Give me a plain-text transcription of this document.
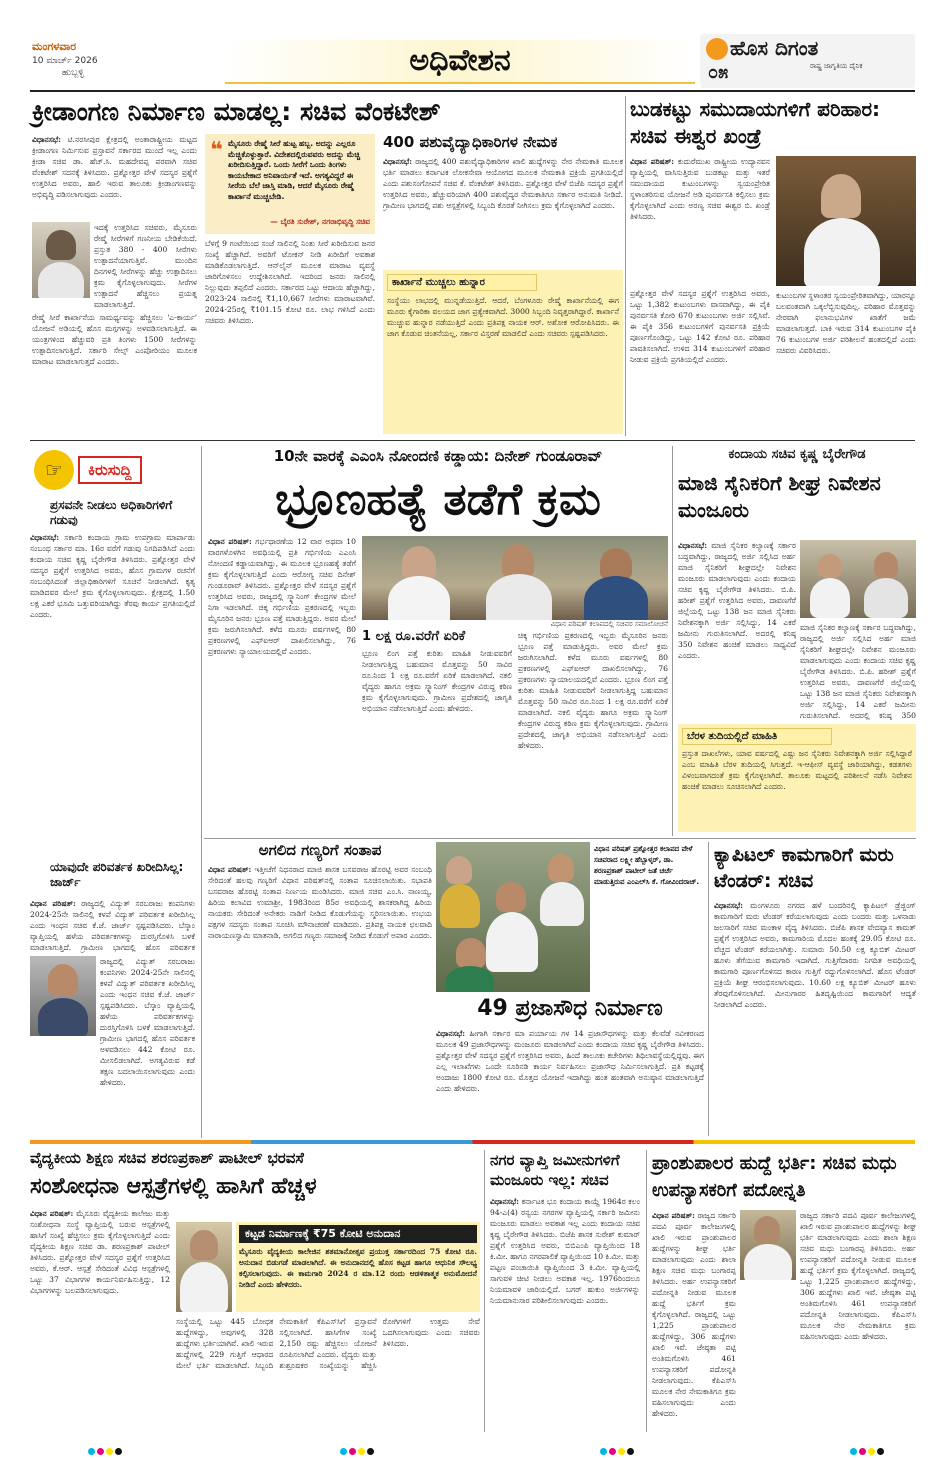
ಮಂಗಳವಾರ
10 ಮಾರ್ಚ್ 2026
ಹುಬ್ಬಳ್ಳಿ	ಅಧಿವೇಶನ	ಹೊಸ ದಿಗಂತ
ರಾಷ್ಟ್ರ ಜಾಗೃತಿಯ ದೈನಿಕ
೦೫
ಕ್ರೀಡಾಂಗಣ ನಿರ್ಮಾಣ ಮಾಡಲ್ಲ: ಸಚಿವ ವೆಂಕಟೇಶ್
ವಿಧಾನಸಭೆ: ಟಿ.ನರಸೀಪುರ ಕ್ಷೇತ್ರದಲ್ಲಿ ಅಂತಾರಾಷ್ಟ್ರೀಯ ಮಟ್ಟದ ಕ್ರೀಡಾಂಗಣ ನಿರ್ಮಿಸುವ ಪ್ರಸ್ತಾವನೆ ಸರ್ಕಾರದ ಮುಂದೆ ಇಲ್ಲ ಎಂದು ಕ್ರೀಡಾ ಸಚಿವ ಡಾ. ಹೆಚ್.ಸಿ. ಮಹದೇವಪ್ಪ ಪರವಾಗಿ ಸಚಿವ ವೆಂಕಟೇಶ್ ಸದನಕ್ಕೆ ತಿಳಿಸಿದರು. ಪ್ರಶ್ನೋತ್ತರ ವೇಳೆ ಸದಸ್ಯರ ಪ್ರಶ್ನೆಗೆ ಉತ್ತರಿಸಿದ ಅವರು, ಹಾಲಿ ಇರುವ ತಾಲೂಕು ಕ್ರೀಡಾಂಗಣವನ್ನು ಅಭಿವೃದ್ಧಿ ಪಡಿಸಲಾಗುವುದು ಎಂದರು.
ಇದಕ್ಕೆ ಉತ್ತರಿಸಿದ ಸಚಿವರು, ಮೈಸೂರು ರೇಷ್ಮೆ ಸೀರೆಗಳಿಗೆ ಗಣನೀಯ ಬೇಡಿಕೆಯಿದೆ. ಪ್ರಸ್ತುತ 380 - 400 ಸೀರೆಗಳು ಉತ್ಪಾದನೆಯಾಗುತ್ತಿವೆ. ಮುಂದಿನ ದಿನಗಳಲ್ಲಿ ಸೀರೆಗಳನ್ನು ಹೆಚ್ಚು ಉತ್ಪಾದಿಸಲು ಕ್ರಮ ಕೈಗೊಳ್ಳಲಾಗುವುದು. ಸೀರೆಗಳ ಉತ್ಪಾದನೆ ಹೆಚ್ಚಿಸಲು ಪ್ರಯತ್ನ ಮಾಡಲಾಗುತ್ತಿದೆ.
ರೇಷ್ಮೆ ಸೀರೆ ಕಾರ್ಖಾನೆಯ ಸಾಮರ್ಥ್ಯವನ್ನು ಹೆಚ್ಚಿಸಲು 'ಎ-ಕಾರ್ಯ' ಯೋಜನೆ ಅಡಿಯಲ್ಲಿ ಹೊಸ ಮಗ್ಗಗಳನ್ನು ಅಳವಡಿಸಲಾಗುತ್ತಿದೆ. ಈ ಯಂತ್ರಗಳಿಂದ ಹೆಚ್ಚುವರಿ ಪ್ರತಿ ತಿಂಗಳು 1500 ಸೀರೆಗಳನ್ನು ಉತ್ಪಾದಿಸಲಾಗುತ್ತಿದೆ. ಸರ್ಕಾರಿ ಸೇಲ್ಸ್ ಎಂಪೋರಿಯಂ ಮೂಲಕ ಮಾರಾಟ ಮಾಡಲಾಗುತ್ತದೆ ಎಂದರು.
❝ ಮೈಸೂರು ರೇಷ್ಮೆ ಸೀರೆ ಹುಟ್ಟ ಹಬ್ಬ. ಅದನ್ನು ಎಲ್ಲರೂ ಮೆಚ್ಚಿಕೊಳ್ಳುತ್ತಾರೆ. ವಿದೇಶದಲ್ಲಿರುವವರು ಅದನ್ನು ಮೆಚ್ಚಿ ಖರೀದಿಸುತ್ತಿದ್ದಾರೆ. ಒಂದು ಸೀರೆಗೆ ಒಂದು ತಿಂಗಳು ಕಾಯಬೇಕಾದ ಅನಿವಾರ್ಯತೆ ಇದೆ. ಅಗತ್ಯವಿದ್ದರೆ ಈ ಸೀರೆಯ ಬೆಲೆ ಜಾಸ್ತಿ ಮಾಡಿ, ಆದರೆ ಮೈಸೂರು ರೇಷ್ಮೆ ಕಾರ್ಖಾನೆ ಮುಚ್ಚಬೇಡಿ.
— ಬೈರತಿ ಸುರೇಶ್, ನಗರಾಭಿವೃದ್ಧಿ ಸಚಿವ
ಬೆಳಗ್ಗೆ 9 ಗಂಟೆಯಿಂದ ಸಂಜೆ ಸಾಲಿನಲ್ಲಿ ನಿಂತು ಸೀರೆ ಖರೀದಿಸುವ ಜನರ ಸಂಖ್ಯೆ ಹೆಚ್ಚಾಗಿದೆ. ಅವರಿಗೆ ಟೋಕನ್ ನೀಡಿ ಖರೀದಿಗೆ ಅವಕಾಶ ಮಾಡಿಕೊಡಲಾಗುತ್ತಿದೆ. ಆನ್‌ಲೈನ್ ಮೂಲಕ ಮಾರಾಟ ವ್ಯವಸ್ಥೆ ಜಾರಿಗೊಳಿಸಲು ಉದ್ದೇಶಿಸಲಾಗಿದೆ. ಇದರಿಂದ ಜನರು ಸಾಲಿನಲ್ಲಿ ನಿಲ್ಲುವುದು ತಪ್ಪಲಿದೆ ಎಂದರು. ಸರ್ಕಾರದ ಒಟ್ಟು ಆದಾಯ ಹೆಚ್ಚಾಗಿದ್ದು, 2023-24 ಸಾಲಿನಲ್ಲಿ ₹1,10,667 ಸೀರೆಗಳು ಮಾರಾಟವಾಗಿವೆ. 2024-25ರಲ್ಲಿ ₹101.15 ಕೋಟಿ ರೂ. ಲಾಭ ಗಳಿಸಿದೆ ಎಂದು ಸಚಿವರು ತಿಳಿಸಿದರು.
400 ಪಶುವೈದ್ಯಾಧಿಕಾರಿಗಳ ನೇಮಕ
ವಿಧಾನಸಭೆ: ರಾಜ್ಯದಲ್ಲಿ 400 ಪಶುವೈದ್ಯಾಧಿಕಾರಿಗಳ ಖಾಲಿ ಹುದ್ದೆಗಳನ್ನು ನೇರ ನೇಮಕಾತಿ ಮೂಲಕ ಭರ್ತಿ ಮಾಡಲು ಕರ್ನಾಟಕ ಲೋಕಸೇವಾ ಆಯೋಗದ ಮೂಲಕ ನೇಮಕಾತಿ ಪ್ರಕ್ರಿಯೆ ಪ್ರಗತಿಯಲ್ಲಿದೆ ಎಂದು ಪಶುಸಂಗೋಪನೆ ಸಚಿವ ಕೆ. ವೆಂಕಟೇಶ್ ತಿಳಿಸಿದರು. ಪ್ರಶ್ನೋತ್ತರ ವೇಳೆ ಬಿಜೆಪಿ ಸದಸ್ಯರ ಪ್ರಶ್ನೆಗೆ ಉತ್ತರಿಸಿದ ಅವರು, ಹೆಚ್ಚುವರಿಯಾಗಿ 400 ಪಶುವೈದ್ಯರ ನೇಮಕಾತಿಗೂ ಸರ್ಕಾರ ಅನುಮತಿ ನೀಡಿದೆ. ಗ್ರಾಮೀಣ ಭಾಗದಲ್ಲಿ ಪಶು ಆಸ್ಪತ್ರೆಗಳಲ್ಲಿ ಸಿಬ್ಬಂದಿ ಕೊರತೆ ನೀಗಿಸಲು ಕ್ರಮ ಕೈಗೊಳ್ಳಲಾಗಿದೆ ಎಂದರು.
ಕಾರ್ಖಾನೆ ಮುಚ್ಚಲು ಹುನ್ನಾರ
ಸಂಸ್ಥೆಯು ಲಾಭದಲ್ಲಿ ಮುನ್ನಡೆಯುತ್ತಿದೆ. ಆದರೆ, ಬೆಂಗಳೂರು ರೇಷ್ಮೆ ಕಾರ್ಖಾನೆಯಲ್ಲಿ ಈಗ ಮೂರು ಕೈಗಾರಿಕಾ ವಲಯದ ಜಾಗ ಪ್ರತ್ಯೇಕವಾಗಿದೆ. 3000 ಸಿಬ್ಬಂದಿ ನಿವೃತ್ತರಾಗಿದ್ದಾರೆ. ಕಾರ್ಖಾನೆ ಮುಚ್ಚುವ ಹುನ್ನಾರ ನಡೆಯುತ್ತಿದೆ ಎಂದು ಪ್ರತಿಪಕ್ಷ ನಾಯಕ ಆರ್. ಅಶೋಕ ಆರೋಪಿಸಿದರು. ಈ ಜಾಗ ಕೊಡುವ ಚಿಂತನೆಯಲ್ಲ, ಸರ್ಕಾರ ವಿಸ್ತರಣೆ ಮಾಡಲಿದೆ ಎಂದು ಸಚಿವರು ಸ್ಪಷ್ಟಪಡಿಸಿದರು.
ಬುಡಕಟ್ಟು ಸಮುದಾಯಗಳಿಗೆ ಪರಿಹಾರ: ಸಚಿವ ಈಶ್ವರ ಖಂಡ್ರೆ
ವಿಧಾನ ಪರಿಷತ್: ಕುದುರೆಮುಖ ರಾಷ್ಟ್ರೀಯ ಉದ್ಯಾನವನ ವ್ಯಾಪ್ತಿಯಲ್ಲಿ ವಾಸಿಸುತ್ತಿರುವ ಬುಡಕಟ್ಟು ಮತ್ತು ಇತರೆ ಸಮುದಾಯದ ಕುಟುಂಬಗಳನ್ನು ಸ್ವಯಂಪ್ರೇರಿತ ಸ್ಥಳಾಂತರಿಸುವ ಯೋಜನೆ ಅಡಿ ಪುನರ್ವಸತಿ ಕಲ್ಪಿಸಲು ಕ್ರಮ ಕೈಗೊಳ್ಳಲಾಗಿದೆ ಎಂದು ಅರಣ್ಯ ಸಚಿವ ಈಶ್ವರ ಬಿ. ಖಂಡ್ರೆ ತಿಳಿಸಿದರು.
ಪ್ರಶ್ನೋತ್ತರ ವೇಳೆ ಸದಸ್ಯರ ಪ್ರಶ್ನೆಗೆ ಉತ್ತರಿಸಿದ ಅವರು, ಒಟ್ಟು 1,382 ಕುಟುಂಬಗಳು ವಾಸವಾಗಿದ್ದು, ಈ ಪೈಕಿ ಪುನರ್ವಸತಿ ಕೋರಿ 670 ಕುಟುಂಬಗಳು ಅರ್ಜಿ ಸಲ್ಲಿಸಿವೆ. ಈ ಪೈಕಿ 356 ಕುಟುಂಬಗಳಿಗೆ ಪುನರ್ವಸತಿ ಪ್ರಕ್ರಿಯೆ ಪೂರ್ಣಗೊಂಡಿದ್ದು, ಒಟ್ಟು 142 ಕೋಟಿ ರೂ. ಪರಿಹಾರ ಪಾವತಿಸಲಾಗಿದೆ. ಉಳಿದ 314 ಕುಟುಂಬಗಳಿಗೆ ಪರಿಹಾರ ನೀಡುವ ಪ್ರಕ್ರಿಯೆ ಪ್ರಗತಿಯಲ್ಲಿದೆ ಎಂದರು.
ಕುಟುಂಬಗಳ ಸ್ಥಳಾಂತರ ಸ್ವಯಂಪ್ರೇರಿತವಾಗಿದ್ದು, ಯಾರನ್ನೂ ಬಲವಂತವಾಗಿ ಒಕ್ಕಲೆಬ್ಬಿಸುವುದಿಲ್ಲ. ಪರಿಹಾರ ಮೊತ್ತವನ್ನು ನೇರವಾಗಿ ಫಲಾನುಭವಿಗಳ ಖಾತೆಗೆ ಜಮೆ ಮಾಡಲಾಗುತ್ತದೆ. ಬಾಕಿ ಇರುವ 314 ಕುಟುಂಬಗಳ ಪೈಕಿ 76 ಕುಟುಂಬಗಳ ಅರ್ಜಿ ಪರಿಶೀಲನೆ ಹಂತದಲ್ಲಿದೆ ಎಂದು ಸಚಿವರು ವಿವರಿಸಿದರು.
☞	ಕಿರುಸುದ್ದಿ
ಪ್ರಸವನೇ ನೀಡಲು ಅಧಿಕಾರಿಗಳಿಗೆ ಗಡುವು
ವಿಧಾನಸಭೆ: ಸರ್ಕಾರಿ ಕಂದಾಯ ಗ್ರಾಮ ಉಪಗ್ರಾಮ ಮಾರ್ಪಾಡು ಸಂಬಂಧ ಸರ್ಕಾರ ಮಾ. 16ರ ವರೆಗೆ ಗಡುವು ನಿಗದಿಪಡಿಸಿದೆ ಎಂದು ಕಂದಾಯ ಸಚಿವ ಕೃಷ್ಣ ಬೈರೇಗೌಡ ತಿಳಿಸಿದರು. ಪ್ರಶ್ನೋತ್ತರ ವೇಳೆ ಸದಸ್ಯರ ಪ್ರಶ್ನೆಗೆ ಉತ್ತರಿಸಿದ ಅವರು, ಹೊಸ ಗ್ರಾಮಗಳ ರಚನೆಗೆ ಸಂಬಂಧಿಸಿದಂತೆ ಜಿಲ್ಲಾಧಿಕಾರಿಗಳಿಗೆ ಸೂಚನೆ ನೀಡಲಾಗಿದೆ. ಕೃತ್ಯ ಮಾಡಿದವರ ಮೇಲೆ ಕ್ರಮ ಕೈಗೊಳ್ಳಲಾಗುವುದು. ಕ್ಷೇತ್ರದಲ್ಲಿ 1.50 ಲಕ್ಷ ಎಕರೆ ಭೂಮಿ ಒತ್ತುವರಿಯಾಗಿದ್ದು ತೆರವು ಕಾರ್ಯ ಪ್ರಗತಿಯಲ್ಲಿದೆ ಎಂದರು.
ಯಾವುದೇ ಪರಿವರ್ತಕ ಖರೀದಿಸಿಲ್ಲ: ಜಾರ್ಜ್
ವಿಧಾನ ಪರಿಷತ್: ರಾಜ್ಯದಲ್ಲಿ ವಿದ್ಯುತ್ ಸರಬರಾಜು ಕಂಪನಿಗಳು 2024-25ನೇ ಸಾಲಿನಲ್ಲಿ ಕಳಪೆ ವಿದ್ಯುತ್ ಪರಿವರ್ತಕ ಖರೀದಿಸಿಲ್ಲ ಎಂದು ಇಂಧನ ಸಚಿವ ಕೆ.ಜೆ. ಜಾರ್ಜ್ ಸ್ಪಷ್ಟಪಡಿಸಿದರು. ಬೆಸ್ಕಾಂ ವ್ಯಾಪ್ತಿಯಲ್ಲಿ ಹಳೆಯ ಪರಿವರ್ತಕಗಳನ್ನು ದುರಸ್ತಿಗೊಳಿಸಿ ಬಳಕೆ ಮಾಡಲಾಗುತ್ತಿದೆ. ಗ್ರಾಮೀಣ ಭಾಗದಲ್ಲಿ ಹೊಸ ಪರಿವರ್ತಕ
ರಾಜ್ಯದಲ್ಲಿ ವಿದ್ಯುತ್ ಸರಬರಾಜು ಕಂಪನಿಗಳು 2024-25ನೇ ಸಾಲಿನಲ್ಲಿ ಕಳಪೆ ವಿದ್ಯುತ್ ಪರಿವರ್ತಕ ಖರೀದಿಸಿಲ್ಲ ಎಂದು ಇಂಧನ ಸಚಿವ ಕೆ.ಜೆ. ಜಾರ್ಜ್ ಸ್ಪಷ್ಟಪಡಿಸಿದರು. ಬೆಸ್ಕಾಂ ವ್ಯಾಪ್ತಿಯಲ್ಲಿ ಹಳೆಯ ಪರಿವರ್ತಕಗಳನ್ನು ದುರಸ್ತಿಗೊಳಿಸಿ ಬಳಕೆ ಮಾಡಲಾಗುತ್ತಿದೆ. ಗ್ರಾಮೀಣ ಭಾಗದಲ್ಲಿ ಹೊಸ ಪರಿವರ್ತಕ ಅಳವಡಿಸಲು 442 ಕೋಟಿ ರೂ. ಮೀಸಲಿಡಲಾಗಿದೆ. ಅಗತ್ಯವಿರುವ ಕಡೆ ತಕ್ಷಣ ಬದಲಾಯಿಸಲಾಗುವುದು ಎಂದು ಹೇಳಿದರು.
10ನೇ ವಾರಕ್ಕೆ ಎಎಂಸಿ ನೋಂದಣಿ ಕಡ್ಡಾಯ: ದಿನೇಶ್ ಗುಂಡೂರಾವ್
ಭ್ರೂಣಹತ್ಯೆ ತಡೆಗೆ ಕ್ರಮ
ವಿಧಾನ ಪರಿಷತ್: ಗರ್ಭಧಾರಣೆಯ 12 ವಾರ ಅಥವಾ 10 ವಾರಗಳೊಳಗಿನ ಅವಧಿಯಲ್ಲಿ ಪ್ರತಿ ಗರ್ಭಿಣಿಯ ಎಎಂಸಿ ನೋಂದಣಿ ಕಡ್ಡಾಯವಾಗಿದ್ದು, ಈ ಮೂಲಕ ಭ್ರೂಣಹತ್ಯೆ ತಡೆಗೆ ಕ್ರಮ ಕೈಗೊಳ್ಳಲಾಗುತ್ತಿದೆ ಎಂದು ಆರೋಗ್ಯ ಸಚಿವ ದಿನೇಶ್ ಗುಂಡೂರಾವ್ ತಿಳಿಸಿದರು. ಪ್ರಶ್ನೋತ್ತರ ವೇಳೆ ಸದಸ್ಯರ ಪ್ರಶ್ನೆಗೆ ಉತ್ತರಿಸಿದ ಅವರು, ರಾಜ್ಯದಲ್ಲಿ ಸ್ಕ್ಯಾನಿಂಗ್ ಕೇಂದ್ರಗಳ ಮೇಲೆ ನಿಗಾ ಇಡಲಾಗಿದೆ. ಚಿಕ್ಕ ಗರ್ಭಿಣಿಯ ಪ್ರಕರಣದಲ್ಲಿ ಇಬ್ಬರು ಮೈಸೂರಿನ ಜನರು ಭ್ರೂಣ ಪತ್ತೆ ಮಾಡುತ್ತಿದ್ದರು. ಅವರ ಮೇಲೆ ಕ್ರಮ ಜರುಗಿಸಲಾಗಿದೆ. ಕಳೆದ ಮೂರು ವರ್ಷಗಳಲ್ಲಿ 80 ಪ್ರಕರಣಗಳಲ್ಲಿ ಎಫ್‌ಐಆರ್ ದಾಖಲಿಸಲಾಗಿದ್ದು, 76 ಪ್ರಕರಣಗಳು ನ್ಯಾಯಾಲಯದಲ್ಲಿವೆ ಎಂದರು.
ವಿಧಾನ ಪರಿಷತ್ ಕಲಾಪದಲ್ಲಿ ಸಚಿವರ ಸಮಾಲೋಚನೆ
1 ಲಕ್ಷ ರೂ.ವರೆಗೆ ಏರಿಕೆ
ಭ್ರೂಣ ಲಿಂಗ ಪತ್ತೆ ಕುರಿತು ಮಾಹಿತಿ ನೀಡುವವರಿಗೆ ನೀಡಲಾಗುತ್ತಿದ್ದ ಬಹುಮಾನ ಮೊತ್ತವನ್ನು 50 ಸಾವಿರ ರೂ.ನಿಂದ 1 ಲಕ್ಷ ರೂ.ವರೆಗೆ ಏರಿಕೆ ಮಾಡಲಾಗಿದೆ. ನಕಲಿ ವೈದ್ಯರು ಹಾಗೂ ಅಕ್ರಮ ಸ್ಕ್ಯಾನಿಂಗ್ ಕೇಂದ್ರಗಳ ವಿರುದ್ಧ ಕಠಿಣ ಕ್ರಮ ಕೈಗೊಳ್ಳಲಾಗುವುದು. ಗ್ರಾಮೀಣ ಪ್ರದೇಶದಲ್ಲಿ ಜಾಗೃತಿ ಅಭಿಯಾನ ನಡೆಸಲಾಗುತ್ತಿದೆ ಎಂದು ಹೇಳಿದರು.
ಚಿಕ್ಕ ಗರ್ಭಿಣಿಯ ಪ್ರಕರಣದಲ್ಲಿ ಇಬ್ಬರು ಮೈಸೂರಿನ ಜನರು ಭ್ರೂಣ ಪತ್ತೆ ಮಾಡುತ್ತಿದ್ದರು. ಅವರ ಮೇಲೆ ಕ್ರಮ ಜರುಗಿಸಲಾಗಿದೆ. ಕಳೆದ ಮೂರು ವರ್ಷಗಳಲ್ಲಿ 80 ಪ್ರಕರಣಗಳಲ್ಲಿ ಎಫ್‌ಐಆರ್ ದಾಖಲಿಸಲಾಗಿದ್ದು, 76 ಪ್ರಕರಣಗಳು ನ್ಯಾಯಾಲಯದಲ್ಲಿವೆ ಎಂದರು. ಭ್ರೂಣ ಲಿಂಗ ಪತ್ತೆ ಕುರಿತು ಮಾಹಿತಿ ನೀಡುವವರಿಗೆ ನೀಡಲಾಗುತ್ತಿದ್ದ ಬಹುಮಾನ ಮೊತ್ತವನ್ನು 50 ಸಾವಿರ ರೂ.ನಿಂದ 1 ಲಕ್ಷ ರೂ.ವರೆಗೆ ಏರಿಕೆ ಮಾಡಲಾಗಿದೆ. ನಕಲಿ ವೈದ್ಯರು ಹಾಗೂ ಅಕ್ರಮ ಸ್ಕ್ಯಾನಿಂಗ್ ಕೇಂದ್ರಗಳ ವಿರುದ್ಧ ಕಠಿಣ ಕ್ರಮ ಕೈಗೊಳ್ಳಲಾಗುವುದು. ಗ್ರಾಮೀಣ ಪ್ರದೇಶದಲ್ಲಿ ಜಾಗೃತಿ ಅಭಿಯಾನ ನಡೆಸಲಾಗುತ್ತಿದೆ ಎಂದು ಹೇಳಿದರು.
ಕಂದಾಯ ಸಚಿವ ಕೃಷ್ಣ ಬೈರೇಗೌಡ
ಮಾಜಿ ಸೈನಿಕರಿಗೆ ಶೀಘ್ರ ನಿವೇಶನ ಮಂಜೂರು
ವಿಧಾನಸಭೆ: ಮಾಜಿ ಸೈನಿಕರ ಕಲ್ಯಾಣಕ್ಕೆ ಸರ್ಕಾರ ಬದ್ಧವಾಗಿದ್ದು, ರಾಜ್ಯದಲ್ಲಿ ಅರ್ಜಿ ಸಲ್ಲಿಸಿದ ಅರ್ಹ ಮಾಜಿ ಸೈನಿಕರಿಗೆ ಶೀಘ್ರದಲ್ಲೇ ನಿವೇಶನ ಮಂಜೂರು ಮಾಡಲಾಗುವುದು ಎಂದು ಕಂದಾಯ ಸಚಿವ ಕೃಷ್ಣ ಬೈರೇಗೌಡ ತಿಳಿಸಿದರು. ಬಿ.ಪಿ. ಹರೀಶ್ ಪ್ರಶ್ನೆಗೆ ಉತ್ತರಿಸಿದ ಅವರು, ದಾವಣಗೆರೆ ಜಿಲ್ಲೆಯಲ್ಲಿ ಒಟ್ಟು 138 ಜನ ಮಾಜಿ ಸೈನಿಕರು ನಿವೇಶನಕ್ಕಾಗಿ ಅರ್ಜಿ ಸಲ್ಲಿಸಿದ್ದು, 14 ಎಕರೆ ಜಮೀನು ಗುರುತಿಸಲಾಗಿದೆ. ಅದರಲ್ಲಿ ಕನಿಷ್ಠ 350 ನಿವೇಶನ ಹಂಚಿಕೆ ಮಾಡಲು ಸಾಧ್ಯವಿದೆ ಎಂದರು.
ಮಾಜಿ ಸೈನಿಕರ ಕಲ್ಯಾಣಕ್ಕೆ ಸರ್ಕಾರ ಬದ್ಧವಾಗಿದ್ದು, ರಾಜ್ಯದಲ್ಲಿ ಅರ್ಜಿ ಸಲ್ಲಿಸಿದ ಅರ್ಹ ಮಾಜಿ ಸೈನಿಕರಿಗೆ ಶೀಘ್ರದಲ್ಲೇ ನಿವೇಶನ ಮಂಜೂರು ಮಾಡಲಾಗುವುದು ಎಂದು ಕಂದಾಯ ಸಚಿವ ಕೃಷ್ಣ ಬೈರೇಗೌಡ ತಿಳಿಸಿದರು. ಬಿ.ಪಿ. ಹರೀಶ್ ಪ್ರಶ್ನೆಗೆ ಉತ್ತರಿಸಿದ ಅವರು, ದಾವಣಗೆರೆ ಜಿಲ್ಲೆಯಲ್ಲಿ ಒಟ್ಟು 138 ಜನ ಮಾಜಿ ಸೈನಿಕರು ನಿವೇಶನಕ್ಕಾಗಿ ಅರ್ಜಿ ಸಲ್ಲಿಸಿದ್ದು, 14 ಎಕರೆ ಜಮೀನು ಗುರುತಿಸಲಾಗಿದೆ. ಅದರಲ್ಲಿ ಕನಿಷ್ಠ 350
ಬೆರಳ ತುದಿಯಲ್ಲಿದೆ ಮಾಹಿತಿ
ಪ್ರಸ್ತುತ ದಾಖಲೆಗಳು, ಯಾವ ವರ್ಷದಲ್ಲಿ ಎಷ್ಟು ಜನ ಸೈನಿಕರು ನಿವೇಶನಕ್ಕಾಗಿ ಅರ್ಜಿ ಸಲ್ಲಿಸಿದ್ದಾರೆ ಎಂಬ ಮಾಹಿತಿ ಬೆರಳ ತುದಿಯಲ್ಲಿ ಸಿಗುತ್ತದೆ. ಇ-ಆಫೀಸ್ ವ್ಯವಸ್ಥೆ ಜಾರಿಯಾಗಿದ್ದು, ಕಡತಗಳು ವಿಳಂಬವಾಗದಂತೆ ಕ್ರಮ ಕೈಗೊಳ್ಳಲಾಗಿದೆ. ತಾಲೂಕು ಮಟ್ಟದಲ್ಲಿ ಪರಿಶೀಲನೆ ನಡೆಸಿ ನಿವೇಶನ ಹಂಚಿಕೆ ಮಾಡಲು ಸೂಚಿಸಲಾಗಿದೆ ಎಂದರು.
ಅಗಲಿದ ಗಣ್ಯರಿಗೆ ಸಂತಾಪ
ವಿಧಾನ ಪರಿಷತ್: ಇತ್ತೀಚೆಗೆ ನಿಧನರಾದ ಮಾಜಿ ಶಾಸಕ ಬಸವರಾಜ ಹೊರಟ್ಟಿ ಅವರ ಸಂಬಂಧಿ ಸೇರಿದಂತೆ ಹಲವು ಗಣ್ಯರಿಗೆ ವಿಧಾನ ಪರಿಷತ್‌ನಲ್ಲಿ ಸಂತಾಪ ಸೂಚಿಸಲಾಯಿತು. ಸಭಾಪತಿ ಬಸವರಾಜ ಹೊರಟ್ಟಿ ಸಂತಾಪ ನಿರ್ಣಯ ಮಂಡಿಸಿದರು. ಮಾಜಿ ಸಚಿವ ಎಂ.ಸಿ. ನಾಣಯ್ಯ, ಹಿರಿಯ ಕಲಾವಿದ ಉಮಾಶ್ರೀ, 1983ರಿಂದ 85ರ ಅವಧಿಯಲ್ಲಿ ಶಾಸಕರಾಗಿದ್ದ ಹಿರಿಯ ನಾಯಕರು ಸೇರಿದಂತೆ ಅನೇಕರು ನಾಡಿಗೆ ನೀಡಿದ ಕೊಡುಗೆಯನ್ನು ಸ್ಮರಿಸಲಾಯಿತು. ಉಭಯ ಪಕ್ಷಗಳ ಸದಸ್ಯರು ಸಂತಾಪ ಸೂಚಿಸಿ ಮೌನಾಚರಣೆ ಮಾಡಿದರು. ಪ್ರತಿಪಕ್ಷ ನಾಯಕ ಛಲವಾದಿ ನಾರಾಯಣಸ್ವಾಮಿ ಮಾತನಾಡಿ, ಅಗಲಿದ ಗಣ್ಯರು ಸಮಾಜಕ್ಕೆ ನೀಡಿದ ಕೊಡುಗೆ ಅಪಾರ ಎಂದರು.
ವಿಧಾನ ಪರಿಷತ್ ಪ್ರಶ್ನೋತ್ತರ ಕಲಾಪದ ವೇಳೆ ಸಚಿವರಾದ ಲಕ್ಷ್ಮೀ ಹೆಬ್ಬಾಳ್ಕರ್, ಡಾ. ಶರಣಪ್ರಕಾಶ್ ಪಾಟೀಲ್ ಜತೆ ಚರ್ಚೆ ಮಾಡುತ್ತಿರುವ ಎಂಎಲ್‌ಸಿ ಕೆ. ಗೋವಿಂದರಾಜ್.
49 ಪ್ರಜಾಸೌಧ ನಿರ್ಮಾಣ
ವಿಧಾನಸಭೆ: ಹೀಗಾಗಿ ಸರ್ಕಾರ ಮಾ ಪರ್ಯಾಯ ಗಳ 14 ಪ್ರಜಾಸೌಧಗಳನ್ನು ಮತ್ತು ಕೆಲವೆಡೆ ನವೀಕರಣದ ಮೂಲಕ 49 ಪ್ರಜಾಸೌಧಗಳನ್ನು ಮಂಜೂರು ಮಾಡಲಾಗಿದೆ ಎಂದು ಕಂದಾಯ ಸಚಿವ ಕೃಷ್ಣ ಬೈರೇಗೌಡ ತಿಳಿಸಿದರು. ಪ್ರಶ್ನೋತ್ತರ ವೇಳೆ ಸದಸ್ಯರ ಪ್ರಶ್ನೆಗೆ ಉತ್ತರಿಸಿದ ಅವರು, ಹಿಂದೆ ತಾಲೂಕು ಕಚೇರಿಗಳು ಶಿಥಿಲಾವಸ್ಥೆಯಲ್ಲಿದ್ದವು. ಈಗ ಎಲ್ಲ ಇಲಾಖೆಗಳು ಒಂದೇ ಸೂರಿನಡಿ ಕಾರ್ಯ ನಿರ್ವಹಿಸಲು ಪ್ರಜಾಸೌಧ ನಿರ್ಮಿಸಲಾಗುತ್ತಿದೆ. ಪ್ರತಿ ಕಟ್ಟಡಕ್ಕೆ ಅಂದಾಜು 1800 ಕೋಟಿ ರೂ. ಮೊತ್ತದ ಯೋಜನೆ ಇದಾಗಿದ್ದು ಹಂತ ಹಂತವಾಗಿ ಅನುಷ್ಠಾನ ಮಾಡಲಾಗುತ್ತಿದೆ ಎಂದು ಹೇಳಿದರು.
ಕ್ಯಾಪಿಟಲ್ ಕಾಮಗಾರಿಗೆ ಮರು ಟೆಂಡರ್: ಸಚಿವ
ವಿಧಾನಸಭೆ: ಮಂಗಳೂರು ನಗರದ ಹಳೆ ಬಂದರಿನಲ್ಲಿ ಕ್ಯಾಪಿಟಲ್ ಡ್ರೆಜ್ಜಿಂಗ್ ಕಾಮಗಾರಿಗೆ ಮರು ಟೆಂಡರ್ ಕರೆಯಲಾಗುವುದು ಎಂದು ಬಂದರು ಮತ್ತು ಒಳನಾಡು ಜಲಸಾರಿಗೆ ಸಚಿವ ಮಂಕಾಳ ವೈದ್ಯ ತಿಳಿಸಿದರು. ಬಿಜೆಪಿ ಶಾಸಕ ವೇದವ್ಯಾಸ ಕಾಮತ್ ಪ್ರಶ್ನೆಗೆ ಉತ್ತರಿಸಿದ ಅವರು, ಕಾಮಗಾರಿಯ ಮೊದಲ ಹಂತಕ್ಕೆ 29.05 ಕೋಟಿ ರೂ. ವೆಚ್ಚದ ಟೆಂಡರ್ ಕರೆಯಲಾಗಿತ್ತು. ಸುಮಾರು 50.50 ಲಕ್ಷ ಕ್ಯೂಬಿಕ್ ಮೀಟರ್ ಹೂಳು ತೆಗೆಯುವ ಕಾಮಗಾರಿ ಇದಾಗಿದೆ. ಗುತ್ತಿಗೆದಾರರು ನಿಗದಿತ ಅವಧಿಯಲ್ಲಿ ಕಾಮಗಾರಿ ಪೂರ್ಣಗೊಳಿಸದ ಕಾರಣ ಗುತ್ತಿಗೆ ರದ್ದುಗೊಳಿಸಲಾಗಿದೆ. ಹೊಸ ಟೆಂಡರ್ ಪ್ರಕ್ರಿಯೆ ಶೀಘ್ರ ಆರಂಭಿಸಲಾಗುವುದು. 10.60 ಲಕ್ಷ ಕ್ಯೂಬಿಕ್ ಮೀಟರ್ ಹೂಳು ತೆರವುಗೊಳಿಸಲಾಗಿದೆ. ಮೀನುಗಾರರ ಹಿತದೃಷ್ಟಿಯಿಂದ ಕಾಮಗಾರಿಗೆ ಆದ್ಯತೆ ನೀಡಲಾಗಿದೆ ಎಂದರು.
ವೈದ್ಯಕೀಯ ಶಿಕ್ಷಣ ಸಚಿವ ಶರಣಪ್ರಕಾಶ್ ಪಾಟೀಲ್ ಭರವಸೆ
ಸಂಶೋಧನಾ ಆಸ್ಪತ್ರೆಗಳಲ್ಲಿ ಹಾಸಿಗೆ ಹೆಚ್ಚಳ
ವಿಧಾನ ಪರಿಷತ್: ಮೈಸೂರು ವೈದ್ಯಕೀಯ ಕಾಲೇಜು ಮತ್ತು ಸಂಶೋಧನಾ ಸಂಸ್ಥೆ ವ್ಯಾಪ್ತಿಯಲ್ಲಿ ಬರುವ ಆಸ್ಪತ್ರೆಗಳಲ್ಲಿ ಹಾಸಿಗೆ ಸಂಖ್ಯೆ ಹೆಚ್ಚಿಸಲು ಕ್ರಮ ಕೈಗೊಳ್ಳಲಾಗುತ್ತಿದೆ ಎಂದು ವೈದ್ಯಕೀಯ ಶಿಕ್ಷಣ ಸಚಿವ ಡಾ. ಶರಣಪ್ರಕಾಶ್ ಪಾಟೀಲ್ ತಿಳಿಸಿದರು. ಪ್ರಶ್ನೋತ್ತರ ವೇಳೆ ಸದಸ್ಯರ ಪ್ರಶ್ನೆಗೆ ಉತ್ತರಿಸಿದ ಅವರು, ಕೆ.ಆರ್. ಆಸ್ಪತ್ರೆ ಸೇರಿದಂತೆ ವಿವಿಧ ಆಸ್ಪತ್ರೆಗಳಲ್ಲಿ ಒಟ್ಟು 37 ವಿಭಾಗಗಳ ಕಾರ್ಯನಿರ್ವಹಿಸುತ್ತಿದ್ದು, 12 ವಿಭಾಗಗಳನ್ನು ಬಲಪಡಿಸಲಾಗುವುದು.
ಕಟ್ಟಡ ನಿರ್ಮಾಣಕ್ಕೆ ₹75 ಕೋಟಿ ಅನುದಾನ
ಮೈಸೂರು ವೈದ್ಯಕೀಯ ಕಾಲೇಜಿನ ಶತಮಾನೋತ್ಸವ ಪ್ರಯುಕ್ತ ಸರ್ಕಾರದಿಂದ 75 ಕೋಟಿ ರೂ. ಅನುದಾನ ಬಿಡುಗಡೆ ಮಾಡಲಾಗಿದೆ. ಈ ಅನುದಾನದಲ್ಲಿ ಹೊಸ ಕಟ್ಟಡ ಹಾಗೂ ಆಧುನಿಕ ಸೌಲಭ್ಯ ಕಲ್ಪಿಸಲಾಗುವುದು. ಈ ಕಾಮಗಾರಿ 2024 ರ ಮಾ.12 ರಂದು ಆಡಳಿತಾತ್ಮಕ ಅನುಮೋದನೆ ನೀಡಿದೆ ಎಂದು ಹೇಳಿದರು.
ಸಂಸ್ಥೆಯಲ್ಲಿ ಒಟ್ಟು 445 ಬೋಧಕ ಹುದ್ದೆಗಳಿದ್ದು, ಅವುಗಳಲ್ಲಿ 328 ಹುದ್ದೆಗಳು ಭರ್ತಿಯಾಗಿವೆ. ಖಾಲಿ ಇರುವ ಹುದ್ದೆಗಳಲ್ಲಿ 229 ಗುತ್ತಿಗೆ ಆಧಾರದ ಮೇಲೆ ಭರ್ತಿ ಮಾಡಲಾಗಿದೆ. ಸಿಬ್ಬಂದಿ ನೇಮಕಾತಿಗೆ ಕೆಪಿಎಸ್‌ಸಿಗೆ ಪ್ರಸ್ತಾವನೆ ಸಲ್ಲಿಸಲಾಗಿದೆ. ಹಾಸಿಗೆಗಳ ಸಂಖ್ಯೆ 2,150 ರಷ್ಟು ಹೆಚ್ಚಿಸಲು ಯೋಜನೆ ರೂಪಿಸಲಾಗಿದೆ ಎಂದರು. ವೈದ್ಯರು ಮತ್ತು ಶುಶ್ರೂಷಕರ ಸಂಖ್ಯೆಯನ್ನು ಹೆಚ್ಚಿಸಿ ರೋಗಿಗಳಿಗೆ ಉತ್ತಮ ಸೇವೆ ಒದಗಿಸಲಾಗುವುದು ಎಂದು ಸಚಿವರು ತಿಳಿಸಿದರು.
ನಗರ ವ್ಯಾಪ್ತಿ ಜಮೀನುಗಳಿಗೆ ಮಂಜೂರು ಇಲ್ಲ: ಸಚಿವ
ವಿಧಾನಸಭೆ: ಕರ್ನಾಟಕ ಭೂ ಕಂದಾಯ ಕಾಯ್ದೆ 1964ರ ಕಲಂ 94-ಎ(4) ರನ್ವಯ ನಗರಗಳ ವ್ಯಾಪ್ತಿಯಲ್ಲಿ ಸರ್ಕಾರಿ ಜಮೀನು ಮಂಜೂರು ಮಾಡಲು ಅವಕಾಶ ಇಲ್ಲ ಎಂದು ಕಂದಾಯ ಸಚಿವ ಕೃಷ್ಣ ಬೈರೇಗೌಡ ತಿಳಿಸಿದರು. ಬಿಜೆಪಿ ಶಾಸಕ ಸುರೇಶ್ ಕುಮಾರ್ ಪ್ರಶ್ನೆಗೆ ಉತ್ತರಿಸಿದ ಅವರು, ಬಿಬಿಎಂಪಿ ವ್ಯಾಪ್ತಿಯಿಂದ 18 ಕಿ.ಮೀ. ಹಾಗೂ ನಗರಪಾಲಿಕೆ ವ್ಯಾಪ್ತಿಯಿಂದ 10 ಕಿ.ಮೀ. ಮತ್ತು ಪಟ್ಟಣ ಪಂಚಾಯಿತಿ ವ್ಯಾಪ್ತಿಯಿಂದ 3 ಕಿ.ಮೀ. ವ್ಯಾಪ್ತಿಯಲ್ಲಿ ಸಾಗುವಳಿ ಚೀಟಿ ನೀಡಲು ಅವಕಾಶ ಇಲ್ಲ. 1976ರಿಂದಲೂ ನಿಯಮಾವಳಿ ಜಾರಿಯಲ್ಲಿದೆ. ಬಗರ್ ಹುಕುಂ ಅರ್ಜಿಗಳನ್ನು ನಿಯಮಾನುಸಾರ ಪರಿಶೀಲಿಸಲಾಗುವುದು ಎಂದರು.
ಪ್ರಾಂಶುಪಾಲರ ಹುದ್ದೆ ಭರ್ತಿ: ಸಚಿವ ಮಧು ಉಪನ್ಯಾಸಕರಿಗೆ ಪದೋನ್ನತಿ
ವಿಧಾನ ಪರಿಷತ್: ರಾಜ್ಯದ ಸರ್ಕಾರಿ ಪದವಿ ಪೂರ್ವ ಕಾಲೇಜುಗಳಲ್ಲಿ ಖಾಲಿ ಇರುವ ಪ್ರಾಂಶುಪಾಲರ ಹುದ್ದೆಗಳನ್ನು ಶೀಘ್ರ ಭರ್ತಿ ಮಾಡಲಾಗುವುದು ಎಂದು ಶಾಲಾ ಶಿಕ್ಷಣ ಸಚಿವ ಮಧು ಬಂಗಾರಪ್ಪ ತಿಳಿಸಿದರು. ಅರ್ಹ ಉಪನ್ಯಾಸಕರಿಗೆ ಪದೋನ್ನತಿ ನೀಡುವ ಮೂಲಕ ಹುದ್ದೆ ಭರ್ತಿಗೆ ಕ್ರಮ ಕೈಗೊಳ್ಳಲಾಗಿದೆ. ರಾಜ್ಯದಲ್ಲಿ ಒಟ್ಟು 1,225 ಪ್ರಾಂಶುಪಾಲರ ಹುದ್ದೆಗಳಿದ್ದು, 306 ಹುದ್ದೆಗಳು ಖಾಲಿ ಇವೆ. ಜೇಷ್ಠತಾ ಪಟ್ಟಿ ಅಂತಿಮಗೊಳಿಸಿ 461 ಉಪನ್ಯಾಸಕರಿಗೆ ಪದೋನ್ನತಿ ನೀಡಲಾಗುವುದು. ಕೆಪಿಎಸ್‌ಸಿ ಮೂಲಕ ನೇರ ನೇಮಕಾತಿಗೂ ಕ್ರಮ ವಹಿಸಲಾಗುವುದು ಎಂದು ಹೇಳಿದರು.
ರಾಜ್ಯದ ಸರ್ಕಾರಿ ಪದವಿ ಪೂರ್ವ ಕಾಲೇಜುಗಳಲ್ಲಿ ಖಾಲಿ ಇರುವ ಪ್ರಾಂಶುಪಾಲರ ಹುದ್ದೆಗಳನ್ನು ಶೀಘ್ರ ಭರ್ತಿ ಮಾಡಲಾಗುವುದು ಎಂದು ಶಾಲಾ ಶಿಕ್ಷಣ ಸಚಿವ ಮಧು ಬಂಗಾರಪ್ಪ ತಿಳಿಸಿದರು. ಅರ್ಹ ಉಪನ್ಯಾಸಕರಿಗೆ ಪದೋನ್ನತಿ ನೀಡುವ ಮೂಲಕ ಹುದ್ದೆ ಭರ್ತಿಗೆ ಕ್ರಮ ಕೈಗೊಳ್ಳಲಾಗಿದೆ. ರಾಜ್ಯದಲ್ಲಿ ಒಟ್ಟು 1,225 ಪ್ರಾಂಶುಪಾಲರ ಹುದ್ದೆಗಳಿದ್ದು, 306 ಹುದ್ದೆಗಳು ಖಾಲಿ ಇವೆ. ಜೇಷ್ಠತಾ ಪಟ್ಟಿ ಅಂತಿಮಗೊಳಿಸಿ 461 ಉಪನ್ಯಾಸಕರಿಗೆ ಪದೋನ್ನತಿ ನೀಡಲಾಗುವುದು. ಕೆಪಿಎಸ್‌ಸಿ ಮೂಲಕ ನೇರ ನೇಮಕಾತಿಗೂ ಕ್ರಮ ವಹಿಸಲಾಗುವುದು ಎಂದು ಹೇಳಿದರು.
